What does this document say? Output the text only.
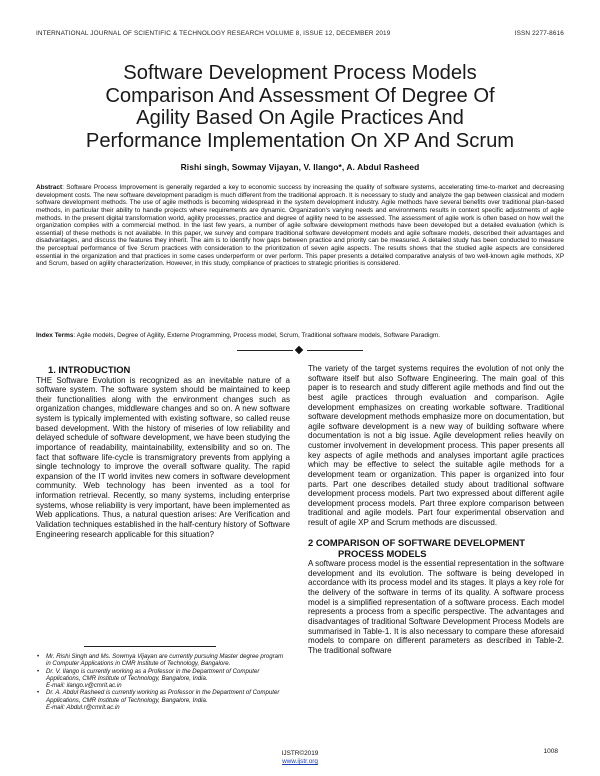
INTERNATIONAL JOURNAL OF SCIENTIFIC & TECHNOLOGY RESEARCH VOLUME 8, ISSUE 12, DECEMBER 2019	ISSN 2277-8616
Software Development Process Models
Comparison And Assessment Of Degree Of
Agility Based On Agile Practices And
Performance Implementation On XP And Scrum
Rishi singh, Sowmay Vijayan, V. Ilango*, A. Abdul Rasheed

Abstract: Software Process Improvement is generally regarded a key to economic success by increasing the quality of software systems, accelerating time-to-market and decreasing development costs. The new software development paradigm is much different from the traditional approach. It is necessary to study and analyze the gap between classical and modern software development methods. The use of agile methods is becoming widespread in the system development industry. Agile methods have several benefits over traditional plan-based methods, in particular their ability to handle projects where requirements are dynamic. Organization's varying needs and environments results in context specific adjustments of agile methods. In the present digital transformation world, agility processes, practice and degree of agility need to be assessed. The assessment of agile work is often based on how well the organization complies with a commercial method. In the last few years, a number of agile software development methods have been developed but a detailed evaluation (which is essential) of these methods is not available. In this paper, we survey and compare traditional software development models and agile software models, described their advantages and disadvantages, and discuss the features they inherit. The aim is to identify how gaps between practice and priority can be measured. A detailed study has been conducted to measure the perceptual performance of five Scrum practices with consideration to the prioritization of seven agile aspects. The results shows that the studied agile aspects are considered essential in the organization and that practices in some cases underperform or over perform. This paper presents a detailed comparative analysis of two well-known agile methods, XP and Scrum, based on agility characterization. However, in this study, compliance of practices to strategic priorities is considered.

Index Terms: Agile models, Degree of Agility, Externe Programming, Process model, Scrum, Traditional software models, Software Paradigm.

1. INTRODUCTION

THE Software Evolution is recognized as an inevitable nature of a software system. The software system should be maintained to keep their functionalities along with the environment changes such as organization changes, middleware changes and so on. A new software system is typically implemented with existing software, so called reuse based development. With the history of miseries of low reliability and delayed schedule of software development, we have been studying the importance of readability, maintainability, extensibility and so on. The fact that software life-cycle is transmigratory prevents from applying a single technology to improve the overall software quality. The rapid expansion of the IT world invites new comers in software development community. Web technology has been invented as a tool for information retrieval. Recently, so many systems, including enterprise systems, whose reliability is very important, have been implemented as Web applications. Thus, a natural question arises: Are Verification and Validation techniques established in the half-century history of Software Engineering research applicable for this situation?

The variety of the target systems requires the evolution of not only the software itself but also Software Engineering. The main goal of this paper is to research and study different agile methods and find out the best agile practices through evaluation and comparison. Agile development emphasizes on creating workable software. Traditional software development methods emphasize more on documentation, but agile software development is a new way of building software where documentation is not a big issue. Agile development relies heavily on customer involvement in development process. This paper presents all key aspects of agile methods and analyses important agile practices which may be effective to select the suitable agile methods for a development team or organization. This paper is organized into four parts. Part one describes detailed study about traditional software development process models. Part two expressed about different agile development process models. Part three explore comparison between traditional and agile models. Part four experimental observation and result of agile XP and Scrum methods are discussed.

2 COMPARISON OF SOFTWARE DEVELOPMENT
PROCESS MODELS

A software process model is the essential representation in the software development and its evolution. The software is being developed in accordance with its process model and its stages. It plays a key role for the delivery of the software in terms of its quality. A software process model is a simplified representation of a software process. Each model represents a process from a specific perspective. The advantages and disadvantages of traditional Software Development Process Models are summarised in Table-1. It is also necessary to compare these aforesaid models to compare on different parameters as described in Table-2. The traditional software

• Mr. Rishi Singh and Ms. Sowmya Vijayan are currently pursuing Master degree program in Computer Applications in CMR Institute of Technology, Bangalore.
• Dr. V. Ilango is currently working as a Professor in the Department of Computer Applications, CMR Institute of Technology, Bangalore, India.
E-mail: ilango.v@cmrit.ac.in
• Dr. A. Abdul Rasheed is currently working as Professor in the Department of Computer Applications, CMR Institute of Technology, Bangalore, India.
E-mail: Abdul.r@cmrit.ac.in
1008
IJSTR©2019
www.ijstr.org
